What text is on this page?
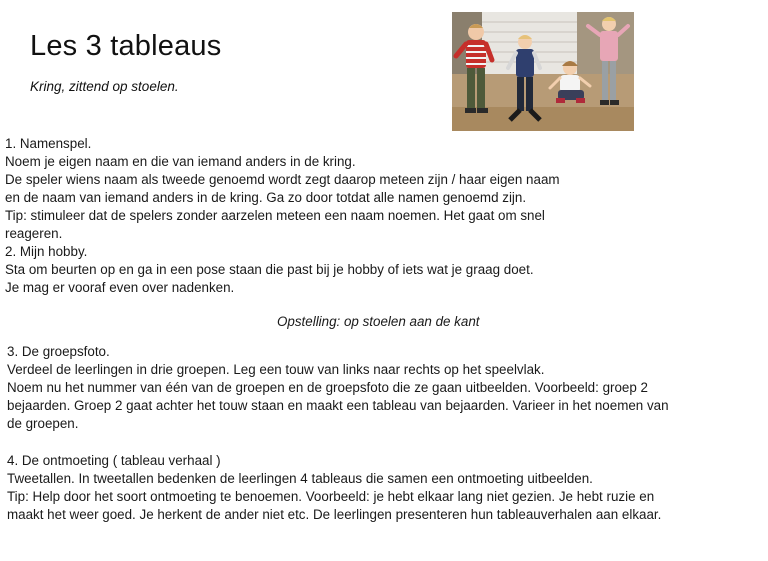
Les 3 tableaus

Kring, zittend op stoelen.

1. Namenspel.
Noem je eigen naam en die van iemand anders in de kring.
De speler wiens naam als tweede genoemd wordt zegt daarop meteen zijn / haar eigen naam
en de naam van iemand anders in de kring. Ga zo door totdat alle namen genoemd zijn.
Tip: stimuleer dat de spelers zonder aarzelen meteen een naam noemen. Het gaat om snel
reageren.
2. Mijn hobby.
Sta om beurten op en ga in een pose staan die past bij je hobby of iets wat je graag doet.
Je mag er vooraf even over nadenken.

Opstelling: op stoelen aan de kant

3. De groepsfoto.
Verdeel de leerlingen in drie groepen. Leg een touw van links naar rechts op het speelvlak.
Noem nu het nummer van één van de groepen en de groepsfoto die ze gaan uitbeelden. Voorbeeld: groep 2
bejaarden. Groep 2 gaat achter het touw staan en maakt een tableau van bejaarden. Varieer in het noemen van
de groepen.
4. De ontmoeting ( tableau verhaal )
Tweetallen. In tweetallen bedenken de leerlingen 4 tableaus die samen een ontmoeting uitbeelden.
Tip: Help door het soort ontmoeting te benoemen. Voorbeeld: je hebt elkaar lang niet gezien. Je hebt ruzie en
maakt het weer goed. Je herkent de ander niet etc. De leerlingen presenteren hun tableauverhalen aan elkaar.
